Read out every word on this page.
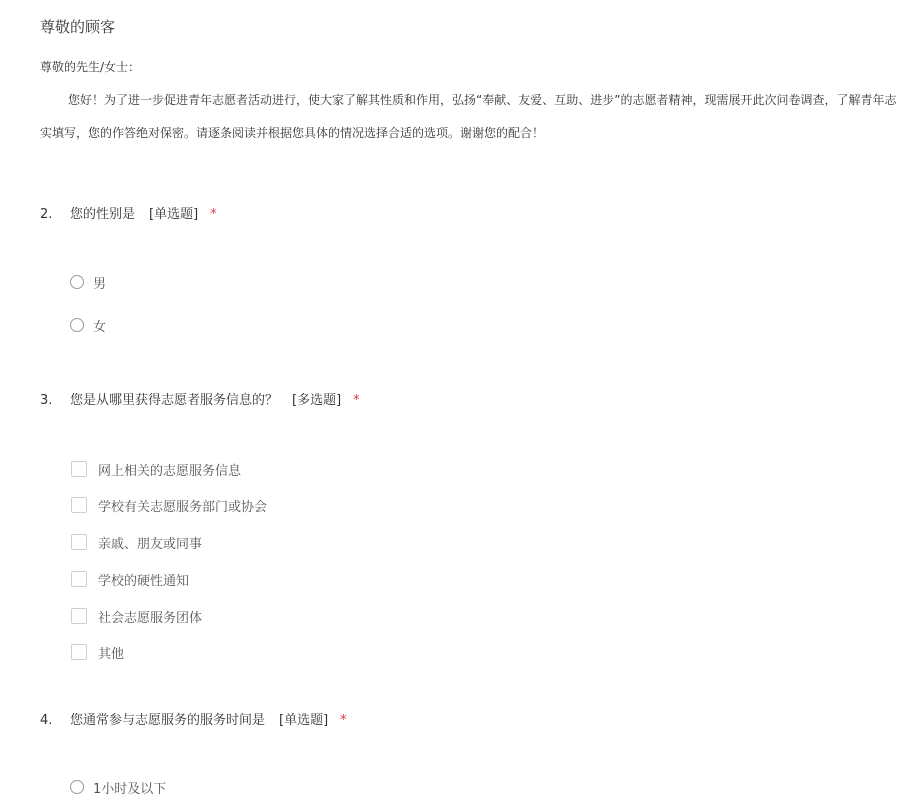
尊敬的顾客
尊敬的先生/女士：
您好！为了进一步促进青年志愿者活动进行，使大家了解其性质和作用，弘扬“奉献、友爱、互助、进步”的志愿者精神，现需展开此次问卷调查，了解青年志
实填写，您的作答绝对保密。请逐条阅读并根据您具体的情况选择合适的选项。谢谢您的配合！
2. 您的性别是 [单选题] *
男
女
3. 您是从哪里获得志愿者服务信息的？ [多选题] *
网上相关的志愿服务信息
学校有关志愿服务部门或协会
亲戚、朋友或同事
学校的硬性通知
社会志愿服务团体
其他
4. 您通常参与志愿服务的服务时间是 [单选题] *
1小时及以下
